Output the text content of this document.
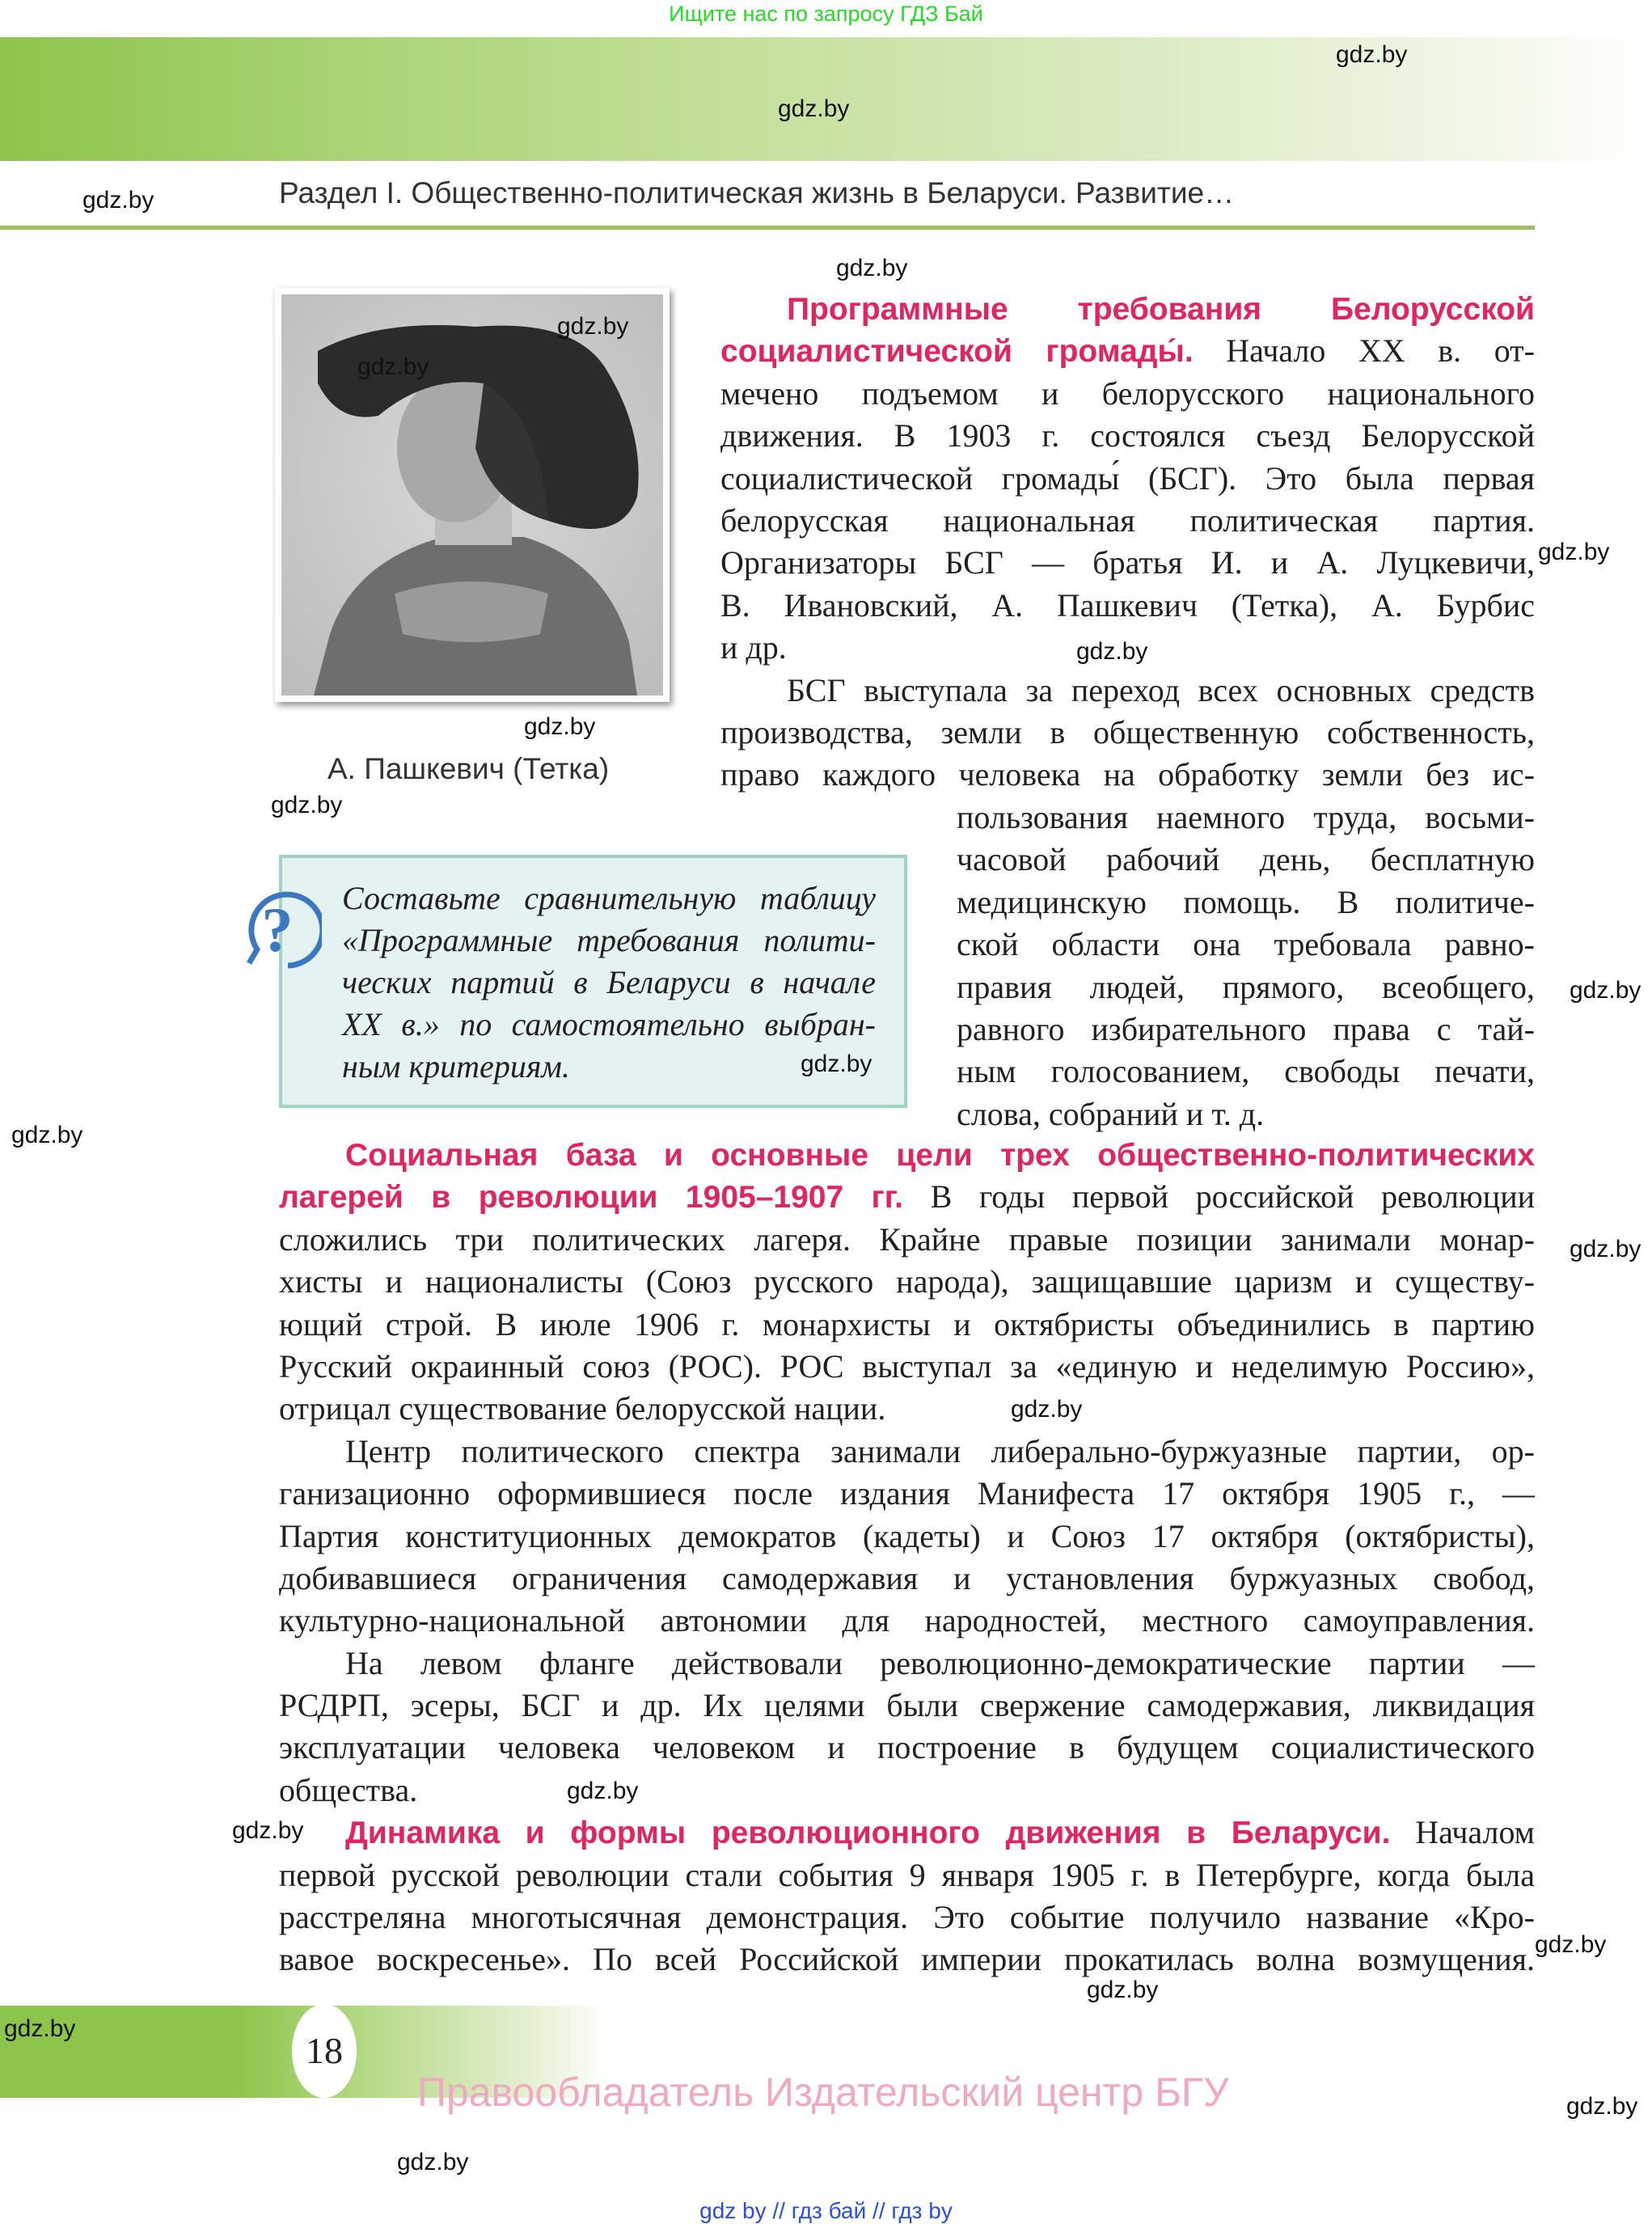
Ищите нас по запросу ГДЗ Бай
Раздел I. Общественно-политическая жизнь в Беларуси. Развитие…
А. Пашкевич (Тетка)
? Составьте сравнительную таблицу
«Программные требования полити-
ческих партий в Беларуси в начале
XX в.» по самостоятельно выбран-
ным критериям.
Программные требования Белорусской
социалистической громады́. Начало XX в. от-
мечено подъемом и белорусского национального
движения. В 1903 г. состоялся съезд Белорусской
социалистической громады́ (БСГ). Это была первая
белорусская национальная политическая партия.
Организаторы БСГ — братья И. и А. Луцкевичи,
В. Ивановский, А. Пашкевич (Тетка), А. Бурбис
и др.
БСГ выступала за переход всех основных средств
производства, земли в общественную собственность,
право каждого человека на обработку земли без ис-
пользования наемного труда, восьми-
часовой рабочий день, бесплатную
медицинскую помощь. В политиче-
ской области она требовала равно-
правия людей, прямого, всеобщего,
равного избирательного права с тай-
ным голосованием, свободы печати,
слова, собраний и т. д.
Социальная база и основные цели трех общественно-политических
лагерей в революции 1905–1907 гг. В годы первой российской революции
сложились три политических лагеря. Крайне правые позиции занимали монар-
хисты и националисты (Союз русского народа), защищавшие царизм и существу-
ющий строй. В июле 1906 г. монархисты и октябристы объединились в партию
Русский окраинный союз (РОС). РОС выступал за «единую и неделимую Россию»,
отрицал существование белорусской нации.
Центр политического спектра занимали либерально-буржуазные партии, ор-
ганизационно оформившиеся после издания Манифеста 17 октября 1905 г., —
Партия конституционных демократов (кадеты) и Союз 17 октября (октябристы),
добивавшиеся ограничения самодержавия и установления буржуазных свобод,
культурно-национальной автономии для народностей, местного самоуправления.
На левом фланге действовали революционно-демократические партии —
РСДРП, эсеры, БСГ и др. Их целями были свержение самодержавия, ликвидация
эксплуатации человека человеком и построение в будущем социалистического
общества.
Динамика и формы революционного движения в Беларуси. Началом
первой русской революции стали события 9 января 1905 г. в Петербурге, когда была
расстреляна многотысячная демонстрация. Это событие получило название «Кро-
вавое воскресенье». По всей Российской империи прокатилась волна возмущения.
18
Правообладатель Издательский центр БГУ
gdz by // гдз бай // гдз by
gdz.by
gdz.by
gdz.by
gdz.by
gdz.by
gdz.by
gdz.by
gdz.by
gdz.by
gdz.by
gdz.by
gdz.by
gdz.by
gdz.by
gdz.by
gdz.by
gdz.by
gdz.by
gdz.by
gdz.by
gdz.by
gdz.by
